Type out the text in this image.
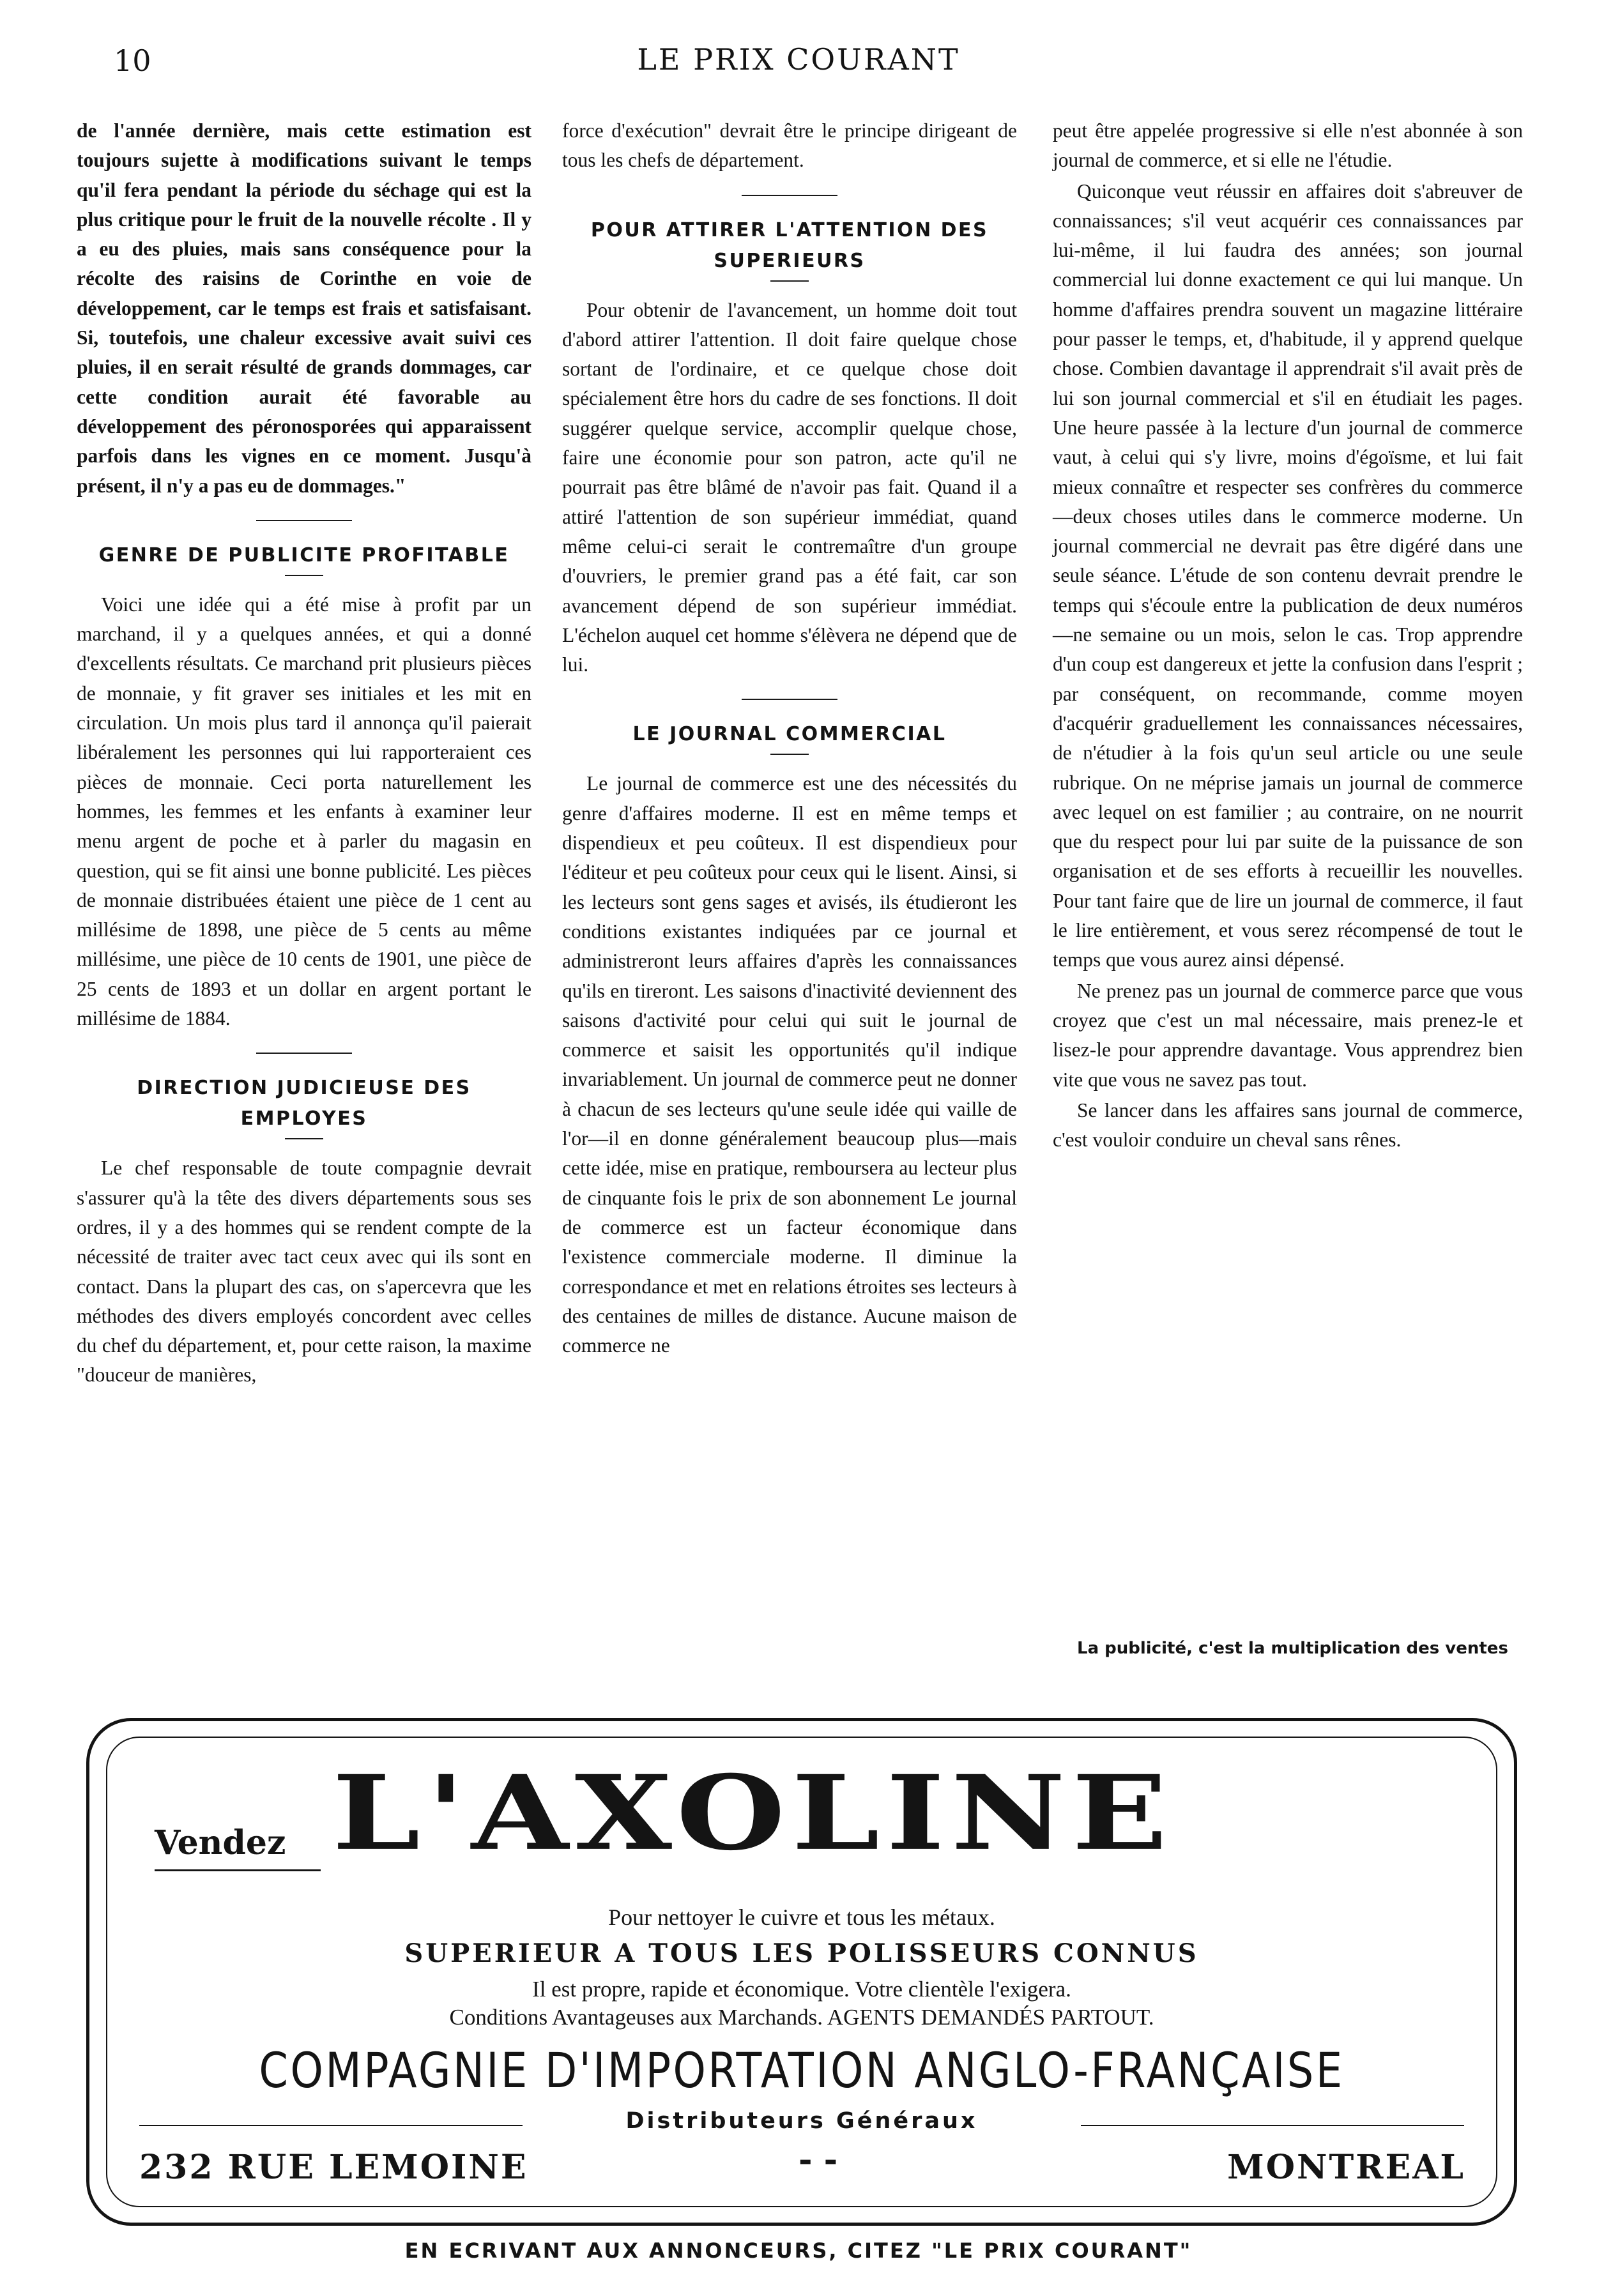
10	LE PRIX COURANT

de l'année dernière, mais cette estimation est toujours sujette à modifications suivant le temps qu'il fera pendant la période du séchage qui est la plus critique pour le fruit de la nouvelle récolte . Il y a eu des pluies, mais sans conséquence pour la récolte des raisins de Corinthe en voie de développement, car le temps est frais et satisfaisant. Si, toutefois, une chaleur excessive avait suivi ces pluies, il en serait résulté de grands dommages, car cette condition aurait été favorable au développement des péronosporées qui apparaissent parfois dans les vignes en ce moment. Jusqu'à présent, il n'y a pas eu de dommages."

GENRE DE PUBLICITE PROFITABLE

Voici une idée qui a été mise à profit par un marchand, il y a quelques années, et qui a donné d'excellents résultats. Ce marchand prit plusieurs pièces de monnaie, y fit graver ses initiales et les mit en circulation. Un mois plus tard il annonça qu'il paierait libéralement les personnes qui lui rapporteraient ces pièces de monnaie. Ceci porta naturellement les hommes, les femmes et les enfants à examiner leur menu argent de poche et à parler du magasin en question, qui se fit ainsi une bonne publicité. Les pièces de monnaie distribuées étaient une pièce de 1 cent au millésime de 1898, une pièce de 5 cents au même millésime, une pièce de 10 cents de 1901, une pièce de 25 cents de 1893 et un dollar en argent portant le millésime de 1884.

DIRECTION JUDICIEUSE DES EMPLOYES

Le chef responsable de toute compagnie devrait s'assurer qu'à la tête des divers départements sous ses ordres, il y a des hommes qui se rendent compte de la nécessité de traiter avec tact ceux avec qui ils sont en contact. Dans la plupart des cas, on s'apercevra que les méthodes des divers employés concordent avec celles du chef du département, et, pour cette raison, la maxime "douceur de manières,

force d'exécution" devrait être le principe dirigeant de tous les chefs de département.

POUR ATTIRER L'ATTENTION DES SUPERIEURS

Pour obtenir de l'avancement, un homme doit tout d'abord attirer l'attention. Il doit faire quelque chose sortant de l'ordinaire, et ce quelque chose doit spécialement être hors du cadre de ses fonctions. Il doit suggérer quelque service, accomplir quelque chose, faire une économie pour son patron, acte qu'il ne pourrait pas être blâmé de n'avoir pas fait. Quand il a attiré l'attention de son supérieur immédiat, quand même celui-ci serait le contremaître d'un groupe d'ouvriers, le premier grand pas a été fait, car son avancement dépend de son supérieur immédiat. L'échelon auquel cet homme s'élèvera ne dépend que de lui.

LE JOURNAL COMMERCIAL

Le journal de commerce est une des nécessités du genre d'affaires moderne. Il est en même temps et dispendieux et peu coûteux. Il est dispendieux pour l'éditeur et peu coûteux pour ceux qui le lisent. Ainsi, si les lecteurs sont gens sages et avisés, ils étudieront les conditions existantes indiquées par ce journal et administreront leurs affaires d'après les connaissances qu'ils en tireront. Les saisons d'inactivité deviennent des saisons d'activité pour celui qui suit le journal de commerce et saisit les opportunités qu'il indique invariablement. Un journal de commerce peut ne donner à chacun de ses lecteurs qu'une seule idée qui vaille de l'or—il en donne généralement beaucoup plus—mais cette idée, mise en pratique, remboursera au lecteur plus de cinquante fois le prix de son abonnement Le journal de commerce est un facteur économique dans l'existence commerciale moderne. Il diminue la correspondance et met en relations étroites ses lecteurs à des centaines de milles de distance. Aucune maison de commerce ne

peut être appelée progressive si elle n'est abonnée à son journal de commerce, et si elle ne l'étudie.

Quiconque veut réussir en affaires doit s'abreuver de connaissances; s'il veut acquérir ces connaissances par lui-même, il lui faudra des années; son journal commercial lui donne exactement ce qui lui manque. Un homme d'affaires prendra souvent un magazine littéraire pour passer le temps, et, d'habitude, il y apprend quelque chose. Combien davantage il apprendrait s'il avait près de lui son journal commercial et s'il en étudiait les pages. Une heure passée à la lecture d'un journal de commerce vaut, à celui qui s'y livre, moins d'égoïsme, et lui fait mieux connaître et respecter ses confrères du commerce—deux choses utiles dans le commerce moderne. Un journal commercial ne devrait pas être digéré dans une seule séance. L'étude de son contenu devrait prendre le temps qui s'écoule entre la publication de deux numéros—ne semaine ou un mois, selon le cas. Trop apprendre d'un coup est dangereux et jette la confusion dans l'esprit ; par conséquent, on recommande, comme moyen d'acquérir graduellement les connaissances nécessaires, de n'étudier à la fois qu'un seul article ou une seule rubrique. On ne méprise jamais un journal de commerce avec lequel on est familier ; au contraire, on ne nourrit que du respect pour lui par suite de la puissance de son organisation et de ses efforts à recueillir les nouvelles. Pour tant faire que de lire un journal de commerce, il faut le lire entièrement, et vous serez récompensé de tout le temps que vous aurez ainsi dépensé.

Ne prenez pas un journal de commerce parce que vous croyez que c'est un mal nécessaire, mais prenez-le et lisez-le pour apprendre davantage. Vous apprendrez bien vite que vous ne savez pas tout.

Se lancer dans les affaires sans journal de commerce, c'est vouloir conduire un cheval sans rênes.

La publicité, c'est la multiplication des ventes
Vendez L'AXOLINE
Pour nettoyer le cuivre et tous les métaux.
SUPERIEUR A TOUS LES POLISSEURS CONNUS
Il est propre, rapide et économique. Votre clientèle l'exigera.
Conditions Avantageuses aux Marchands. AGENTS DEMANDÉS PARTOUT.
COMPAGNIE D'IMPORTATION ANGLO-FRANÇAISE
Distributeurs Généraux
232 RUE LEMOINE	- -	MONTREAL
EN ECRIVANT AUX ANNONCEURS, CITEZ "LE PRIX COURANT"
